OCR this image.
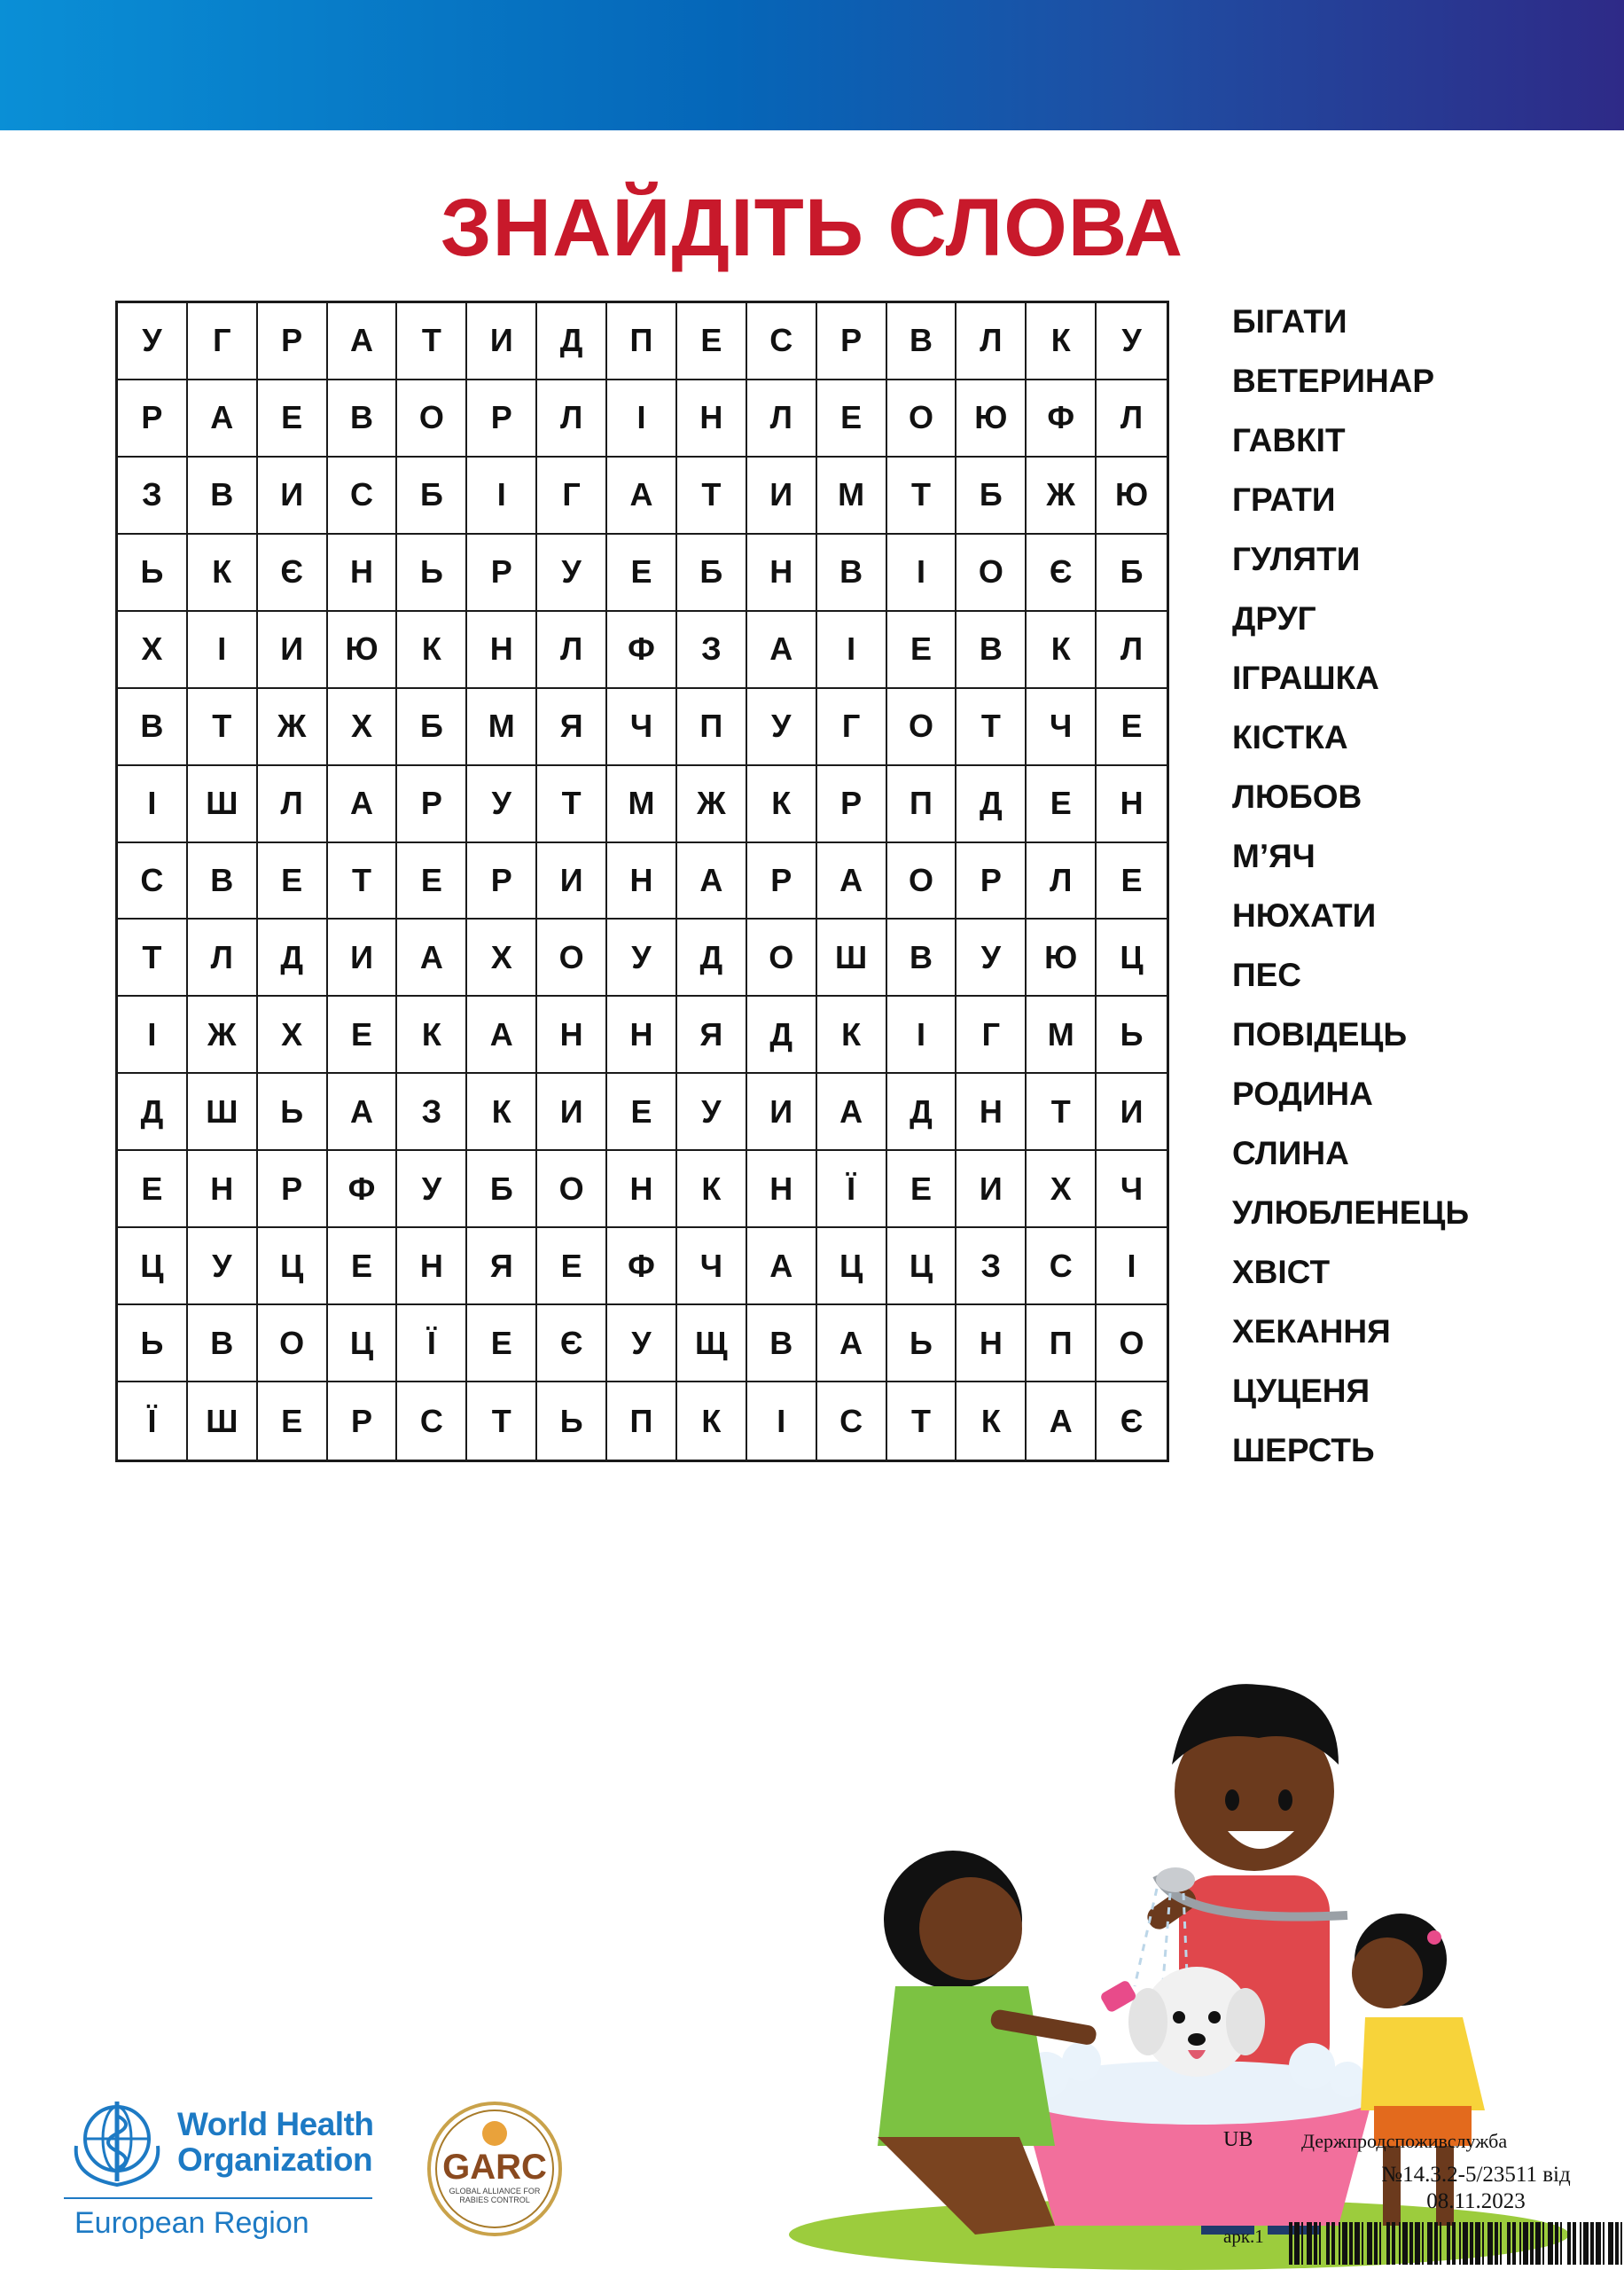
ЗНАЙДІТЬ СЛОВА
У	Г	Р	А	Т	И	Д	П	Е	С	Р	В	Л	К	У
Р	А	Е	В	О	Р	Л	І	Н	Л	Е	О	Ю	Ф	Л
З	В	И	С	Б	І	Г	А	Т	И	М	Т	Б	Ж	Ю
Ь	К	Є	Н	Ь	Р	У	Е	Б	Н	В	І	О	Є	Б
Х	І	И	Ю	К	Н	Л	Ф	З	А	І	Е	В	К	Л
В	Т	Ж	Х	Б	М	Я	Ч	П	У	Г	О	Т	Ч	Е
І	Ш	Л	А	Р	У	Т	М	Ж	К	Р	П	Д	Е	Н
С	В	Е	Т	Е	Р	И	Н	А	Р	А	О	Р	Л	Е
Т	Л	Д	И	А	Х	О	У	Д	О	Ш	В	У	Ю	Ц
І	Ж	Х	Е	К	А	Н	Н	Я	Д	К	І	Г	М	Ь
Д	Ш	Ь	А	З	К	И	Е	У	И	А	Д	Н	Т	И
Е	Н	Р	Ф	У	Б	О	Н	К	Н	Ї	Е	И	Х	Ч
Ц	У	Ц	Е	Н	Я	Е	Ф	Ч	А	Ц	Ц	З	С	І
Ь	В	О	Ц	Ї	Е	Є	У	Щ	В	А	Ь	Н	П	О
Ї	Ш	Е	Р	С	Т	Ь	П	К	І	С	Т	К	А	Є
БІГАТИ
ВЕТЕРИНАР
ГАВКІТ
ГРАТИ
ГУЛЯТИ
ДРУГ
ІГРАШКА
КІСТКА
ЛЮБОВ
М’ЯЧ
НЮХАТИ
ПЕС
ПОВІДЕЦЬ
РОДИНА
СЛИНА
УЛЮБЛЕНЕЦЬ
ХВІСТ
ХЕКАННЯ
ЦУЦЕНЯ
ШЕРСТЬ
World Health
Organization
European Region
GARC
GLOBAL ALLIANCE FOR RABIES CONTROL
UB Держпродспоживслужба
№14.3.2-5/23511 від
08.11.2023
арк.1
